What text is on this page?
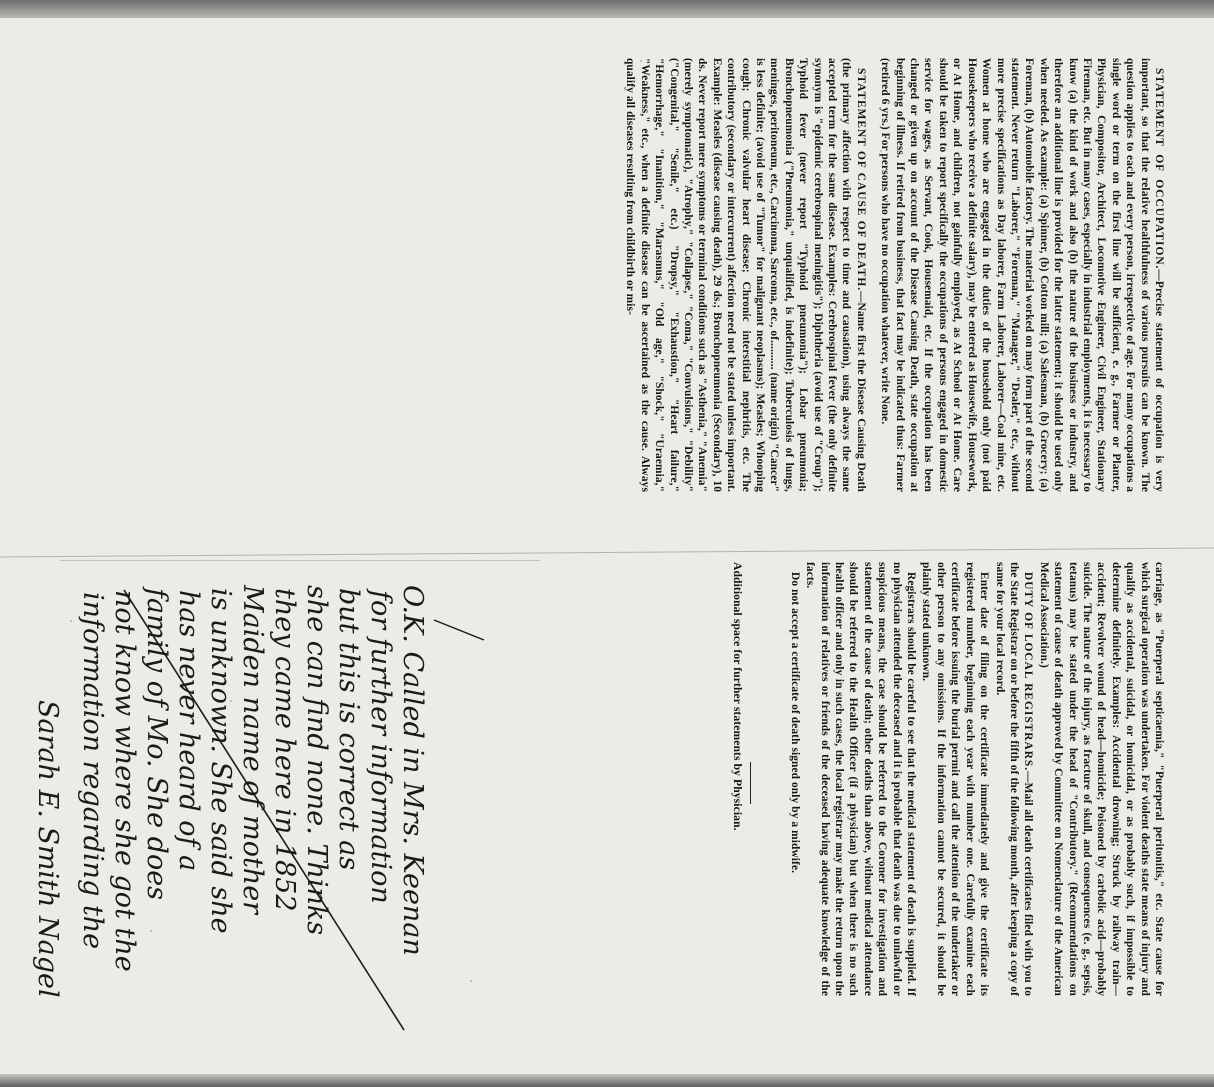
STATEMENT OF OCCUPATION.—Precise statement of occupation is very important, so that the relative healthfulness of various pursuits can be known. The question applies to each and every person, irrespective of age. For many occupations a single word or term on the first line will be sufficient, e. g., Farmer or Planter, Physician, Compositor, Architect, Locomotive Engineer, Civil Engineer, Stationary Fireman, etc. But in many cases, especially in industrial employments, it is necessary to know (a) the kind of work and also (b) the nature of the business or industry, and therefore an additional line is provided for the latter statement; it should be used only when needed. As example: (a) Spinner, (b) Cotton mill; (a) Salesman, (b) Grocery; (a) Foreman, (b) Automobile factory. The material worked on may form part of the second statement. Never return "Laborer," "Foreman," "Manager," "Dealer," etc., without more precise specifications as Day laborer, Farm Laborer, Laborer—Coal mine, etc. Women at home who are engaged in the duties of the household only (not paid Housekeepers who receive a definite salary), may be entered as Housewife, Housework, or At Home, and children, not gainfully employed, as At School or At Home. Care should be taken to report specifically the occupations of persons engaged in domestic service for wages, as Servant, Cook, Housemaid, etc. If the occupation has been changed or given up on account of the Disease Causing Death, state occupation at beginning of illness. If retired from business, that fact may be indicated thus: Farmer (retired 6 yrs.) For persons who have no occupation whatever, write None.

STATEMENT OF CAUSE OF DEATH.—Name first the Disease Causing Death (the primary affection with respect to time and causation), using always the same accepted term for the same disease. Examples: Cerebrospinal fever (the only definite synonym is "epidemic cerebrospinal meningitis"); Diphtheria (avoid use of "Croup"); Typhoid fever (never report "Typhoid pneumonia"); Lobar pneumonia; Bronchopneumonia ("Pneumonia," unqualified, is indefinite); Tuberculosis of lungs, meninges, peritoneum, etc., Carcinoma, Sarcoma, etc., of.......... (name origin) "Cancer" is less definite; (avoid use of "Tumor" for malignant neoplasms); Measles; Whooping cough; Chronic valvular heart disease; Chronic interstitial nephritis, etc. The contributory (secondary or intercurrent) affection need not be stated unless important. Example: Measles (disease causing death), 29 ds.; Bronchopneumonia (Secondary), 10 ds. Never report mere symptoms or terminal conditions such as "Asthenia," "Anemia" (merely symptomatic), "Atrophy," "Collapse," "Coma," "Convulsions," "Debility" ("Congenital," "Senile," etc.) "Dropsy," "Exhaustion," "Heart failure," "Hemorrhage," "Inanition," "Marasmus," "Old age," "Shock," "Uraemia," "Weakness," etc., when a definite disease can be ascertained as the cause. Always qualify all diseases resulting from childbirth or mis-

carriage, as "Puerperal septicaemia," "Puerperal peritonitis," etc. State cause for which surgical operation was undertaken. For violent deaths state means of injury and qualify as accidental, suicidal, or homicidal, or as probably such, if impossible to determine definitely. Examples: Accidental drowning; Struck by railway train—accident; Revolver wound of head—homicide; Poisoned by carbolic acid—probably suicide. The nature of the injury, as fracture of skull, and consequences (e. g., sepsis, tetanus) may be stated under the head of "Contributory." (Recommendations on statement of cause of death approved by Committee on Nomenclature of the American Medical Association.)

DUTY OF LOCAL REGISTRARS.—Mail all death certificates filed with you to the State Registrar on or before the fifth of the following month, after keeping a copy of same for your local record.

Enter date of filing on the certificate immediately and give the certificate its registered number, beginning each year with number one. Carefully examine each certificate before issuing the burial permit and call the attention of the undertaker or other person to any omissions. If the information cannot be secured, it should be plainly stated unknown.

Registrars should be careful to see that the medical statement of death is supplied. If no physician attended the deceased and it is probable that death was due to unlawful or suspicious means, the case should be referred to the Coroner for investigation and statement of the cause of death; other deaths than above, without medical attendance should be referred to the Health Officer (if a physician) but when there is no such health officer and only in such cases, the local registrar may make the return upon the information of relatives or friends of the deceased having adequate knowledge of the facts.

Do not accept a certificate of death signed only by a midwife.

Additional space for further statements by Physician.
O.K. Called in Mrs. Keenan
for further information
but this is correct as
she can find none. Thinks
they came here in 1852
Maiden name of mother
is unknown. She said she
has never heard of a
family of Mo. She does
not know where she got the
information regarding the
Sarah E. Smith Nagel
